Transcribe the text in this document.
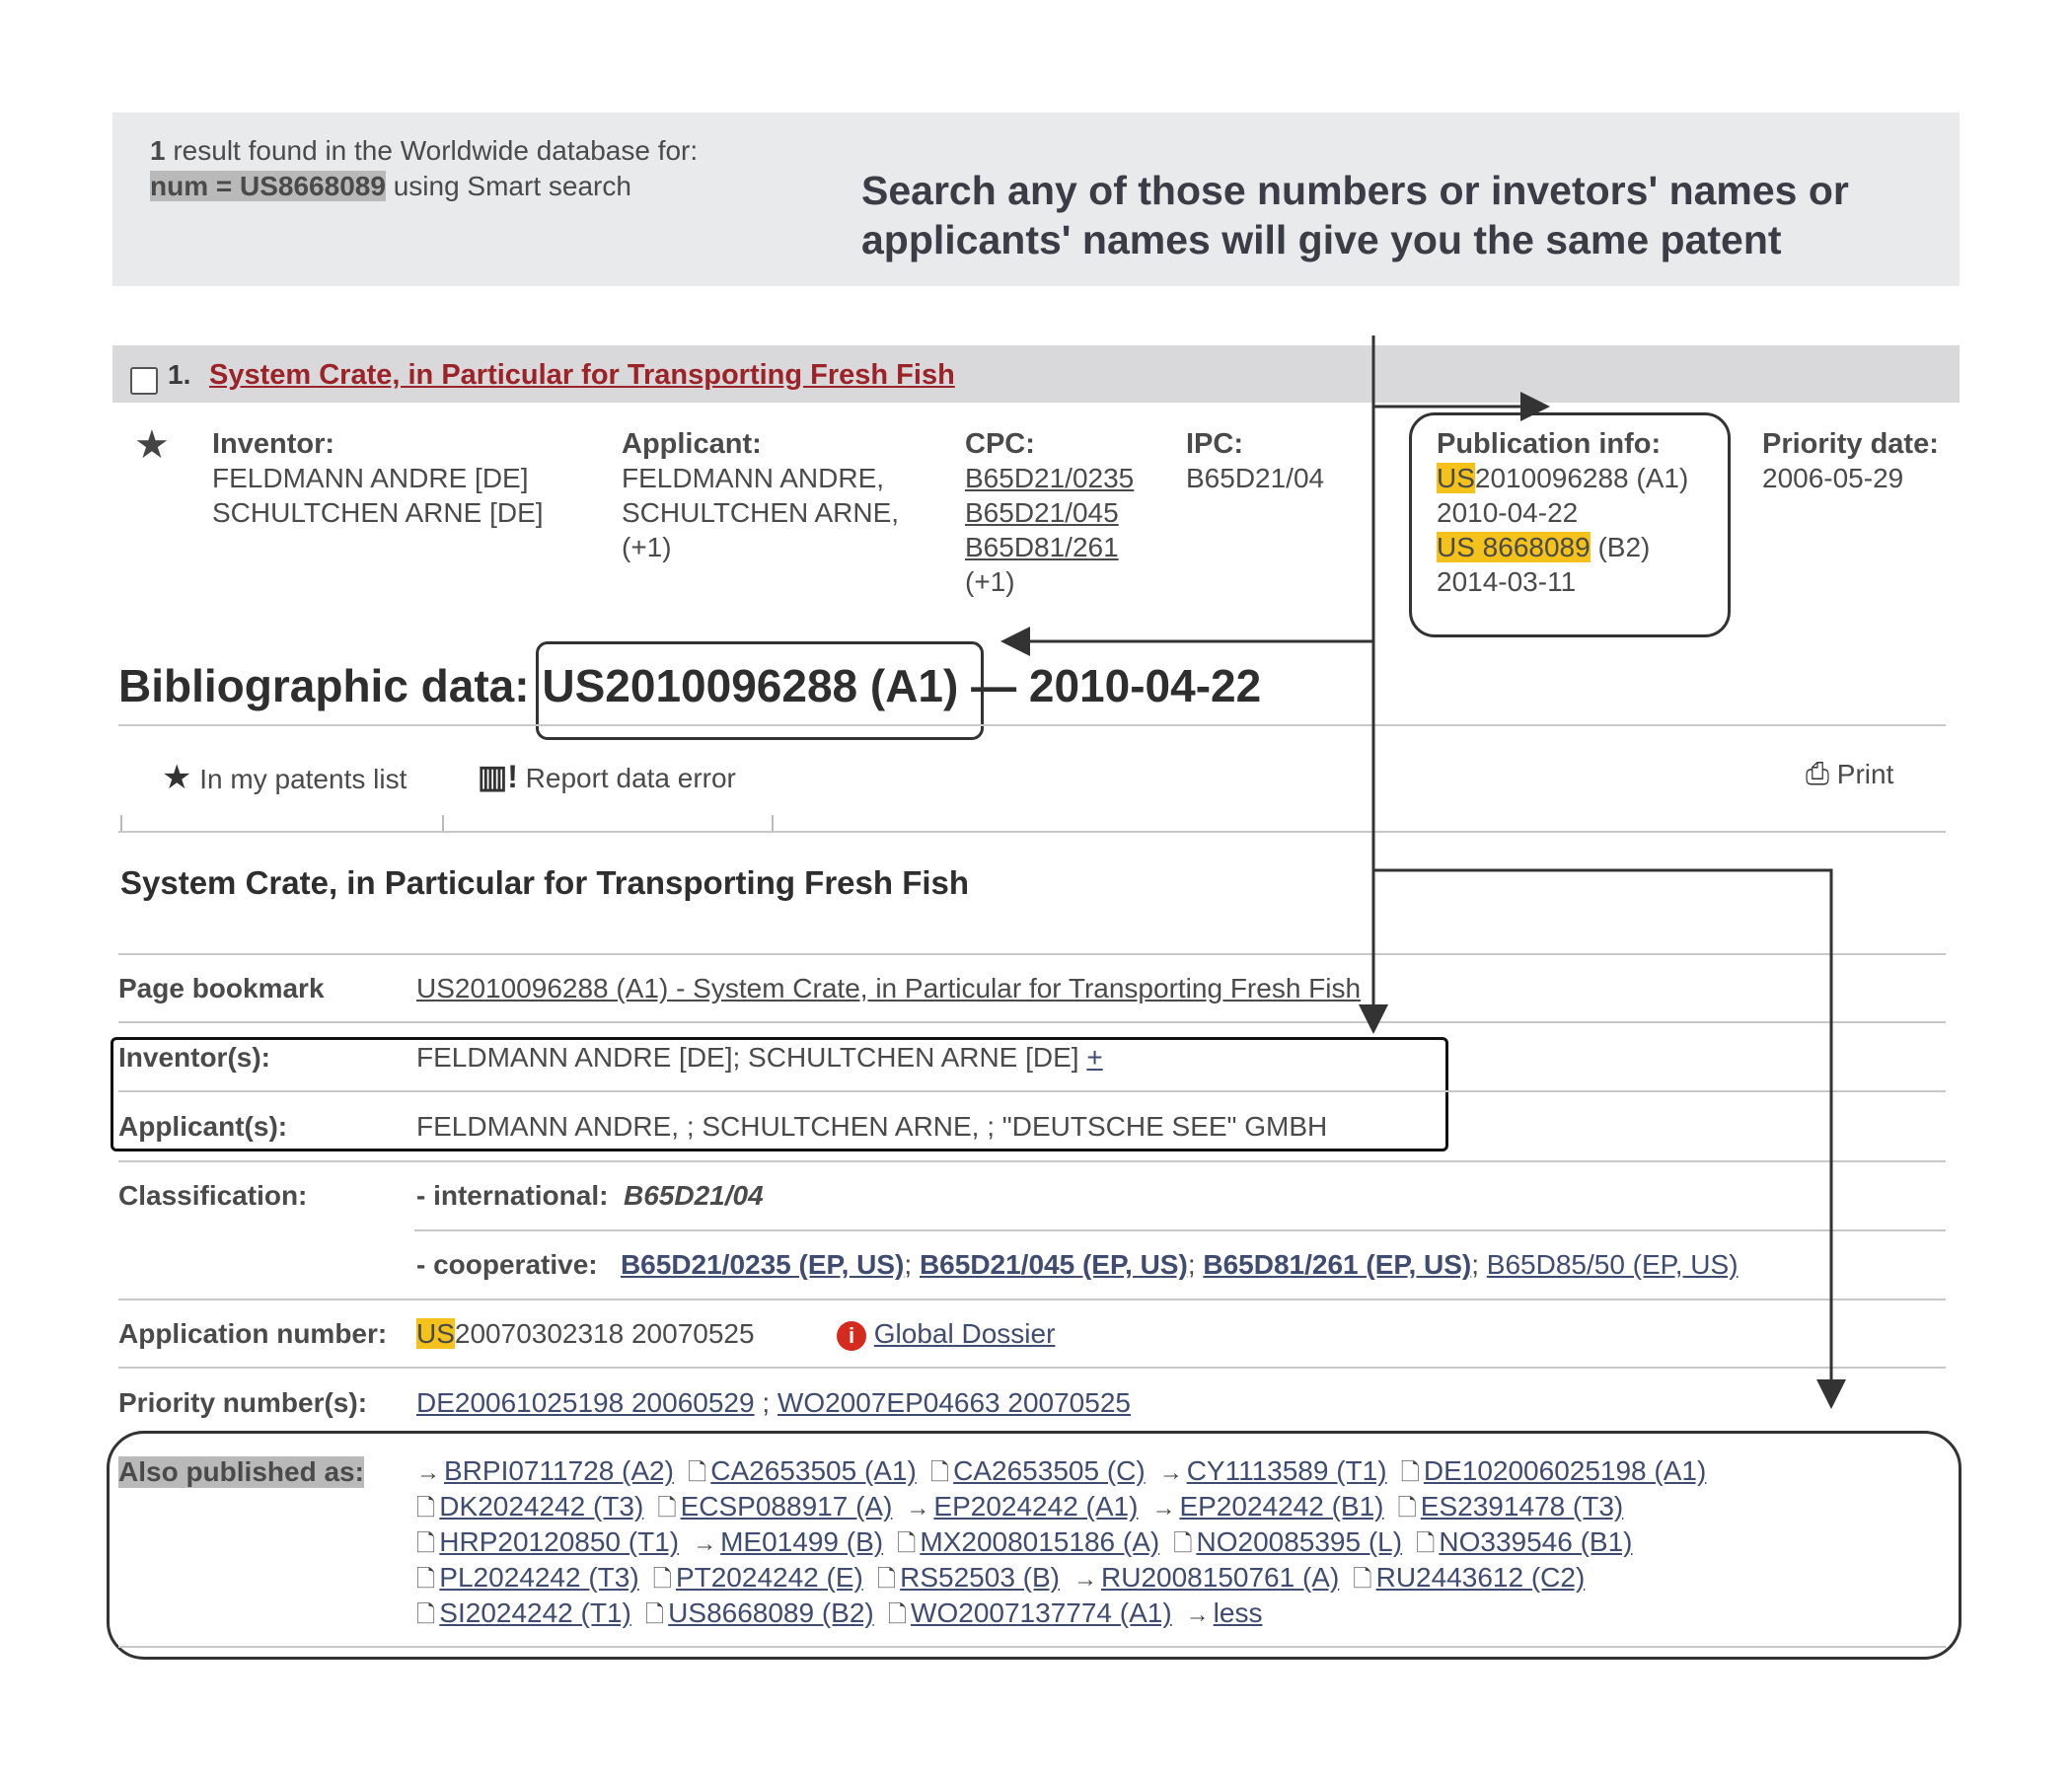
1 result found in the Worldwide database for:
num = US8668089 using Smart search	Search any of those numbers or invetors' names or
applicants' names will give you the same patent
1. System Crate, in Particular for Transporting Fresh Fish
★ Inventor:
FELDMANN ANDRE [DE]
SCHULTCHEN ARNE [DE]
Applicant:
FELDMANN ANDRE,
SCHULTCHEN ARNE,
(+1)
CPC:
B65D21/0235
B65D21/045
B65D81/261
(+1)
IPC:
B65D21/04
Publication info:
US2010096288 (A1)
2010-04-22
US 8668089 (B2)
2014-03-11
Priority date:
2006-05-29
Bibliographic data: US2010096288 (A1) — 2010-04-22
★ In my patents list ▥! Report data error	⎙ Print
System Crate, in Particular for Transporting Fresh Fish
Page bookmark	US2010096288 (A1) - System Crate, in Particular for Transporting Fresh Fish
Inventor(s):	FELDMANN ANDRE [DE]; SCHULTCHEN ARNE [DE] +
Applicant(s):	FELDMANN ANDRE, ; SCHULTCHEN ARNE, ; "DEUTSCHE SEE" GMBH
Classification:	- international: B65D21/04
- cooperative: B65D21/0235 (EP, US); B65D21/045 (EP, US); B65D81/261 (EP, US); B65D85/50 (EP, US)
Application number: US20070302318 20070525	i Global Dossier
Priority number(s): DE20061025198 20060529 ; WO2007EP04663 20070525
Also published as: → BRPI0711728 (A2) 🗋 CA2653505 (A1) 🗋 CA2653505 (C) → CY1113589 (T1) 🗋 DE102006025198 (A1)
🗋 DK2024242 (T3) 🗋 ECSP088917 (A) → EP2024242 (A1) → EP2024242 (B1) 🗋 ES2391478 (T3)
🗋 HRP20120850 (T1) → ME01499 (B) 🗋 MX2008015186 (A) 🗋 NO20085395 (L) 🗋 NO339546 (B1)
🗋 PL2024242 (T3) 🗋 PT2024242 (E) 🗋 RS52503 (B) → RU2008150761 (A) 🗋 RU2443612 (C2)
🗋 SI2024242 (T1) 🗋 US8668089 (B2) 🗋 WO2007137774 (A1) → less
